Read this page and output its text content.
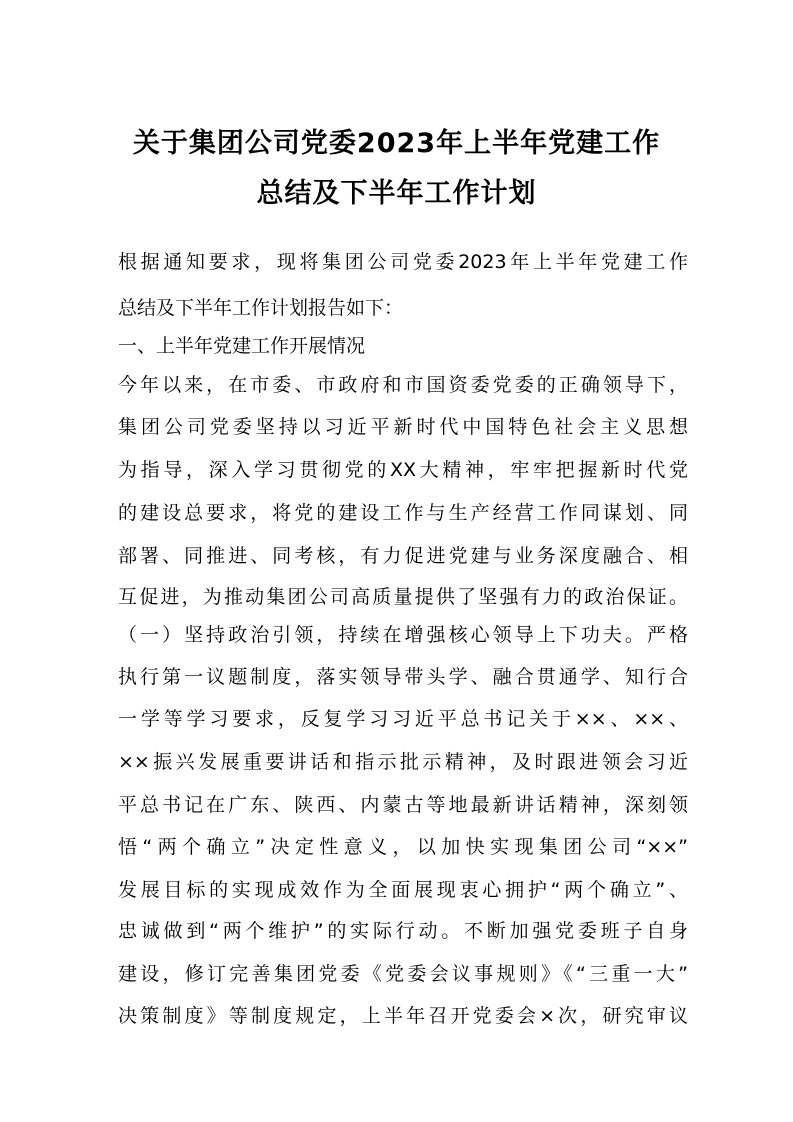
关于集团公司党委2023年上半年党建工作
总结及下半年工作计划
根据通知要求，现将集团公司党委2023年上半年党建工作
总结及下半年工作计划报告如下：
一、上半年党建工作开展情况
今年以来，在市委、市政府和市国资委党委的正确领导下，
集团公司党委坚持以习近平新时代中国特色社会主义思想
为指导，深入学习贯彻党的XX大精神，牢牢把握新时代党
的建设总要求，将党的建设工作与生产经营工作同谋划、同
部署、同推进、同考核，有力促进党建与业务深度融合、相
互促进，为推动集团公司高质量提供了坚强有力的政治保证。
（一）坚持政治引领，持续在增强核心领导上下功夫。严格
执行第一议题制度，落实领导带头学、融合贯通学、知行合
一学等学习要求，反复学习习近平总书记关于××、××、
××振兴发展重要讲话和指示批示精神，及时跟进领会习近
平总书记在广东、陕西、内蒙古等地最新讲话精神，深刻领
悟“两个确立”决定性意义，以加快实现集团公司“××”
发展目标的实现成效作为全面展现衷心拥护“两个确立”、
忠诚做到“两个维护”的实际行动。不断加强党委班子自身
建设，修订完善集团党委《党委会议事规则》《“三重一大”
决策制度》等制度规定，上半年召开党委会×次，研究审议
